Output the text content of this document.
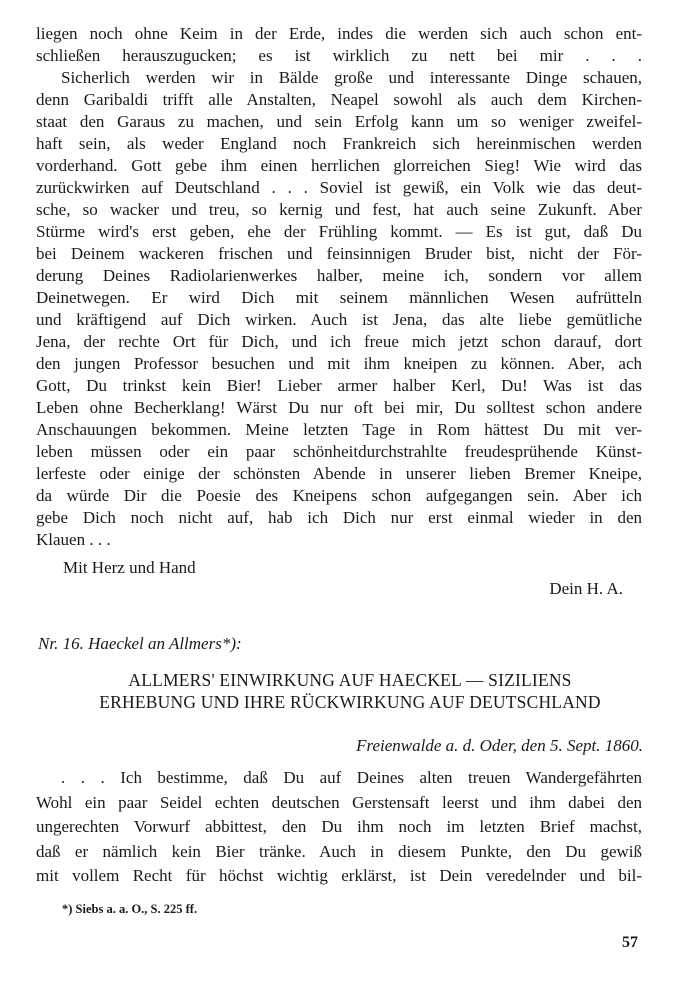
liegen noch ohne Keim in der Erde, indes die werden sich auch schon ent-
schließen herauszugucken; es ist wirklich zu nett bei mir . . .
Sicherlich werden wir in Bälde große und interessante Dinge schauen,
denn Garibaldi trifft alle Anstalten, Neapel sowohl als auch dem Kirchen-
staat den Garaus zu machen, und sein Erfolg kann um so weniger zweifel-
haft sein, als weder England noch Frankreich sich hereinmischen werden
vorderhand. Gott gebe ihm einen herrlichen glorreichen Sieg! Wie wird das
zurückwirken auf Deutschland . . . Soviel ist gewiß, ein Volk wie das deut-
sche, so wacker und treu, so kernig und fest, hat auch seine Zukunft. Aber
Stürme wird's erst geben, ehe der Frühling kommt. — Es ist gut, daß Du
bei Deinem wackeren frischen und feinsinnigen Bruder bist, nicht der För-
derung Deines Radiolarienwerkes halber, meine ich, sondern vor allem
Deinetwegen. Er wird Dich mit seinem männlichen Wesen aufrütteln
und kräftigend auf Dich wirken. Auch ist Jena, das alte liebe gemütliche
Jena, der rechte Ort für Dich, und ich freue mich jetzt schon darauf, dort
den jungen Professor besuchen und mit ihm kneipen zu können. Aber, ach
Gott, Du trinkst kein Bier! Lieber armer halber Kerl, Du! Was ist das
Leben ohne Becherklang! Wärst Du nur oft bei mir, Du solltest schon andere
Anschauungen bekommen. Meine letzten Tage in Rom hättest Du mit ver-
leben müssen oder ein paar schönheitdurchstrahlte freudesprühende Künst-
lerfeste oder einige der schönsten Abende in unserer lieben Bremer Kneipe,
da würde Dir die Poesie des Kneipens schon aufgegangen sein. Aber ich
gebe Dich noch nicht auf, hab ich Dich nur erst einmal wieder in den
Klauen . . .
Mit Herz und Hand
Dein H. A.
Nr. 16. Haeckel an Allmers*):
ALLMERS' EINWIRKUNG AUF HAECKEL — SIZILIENS
ERHEBUNG UND IHRE RÜCKWIRKUNG AUF DEUTSCHLAND
Freienwalde a. d. Oder, den 5. Sept. 1860.
. . . Ich bestimme, daß Du auf Deines alten treuen Wandergefährten
Wohl ein paar Seidel echten deutschen Gerstensaft leerst und ihm dabei den
ungerechten Vorwurf abbittest, den Du ihm noch im letzten Brief machst,
daß er nämlich kein Bier tränke. Auch in diesem Punkte, den Du gewiß
mit vollem Recht für höchst wichtig erklärst, ist Dein veredelnder und bil-
*) Siebs a. a. O., S. 225 ff.
57
